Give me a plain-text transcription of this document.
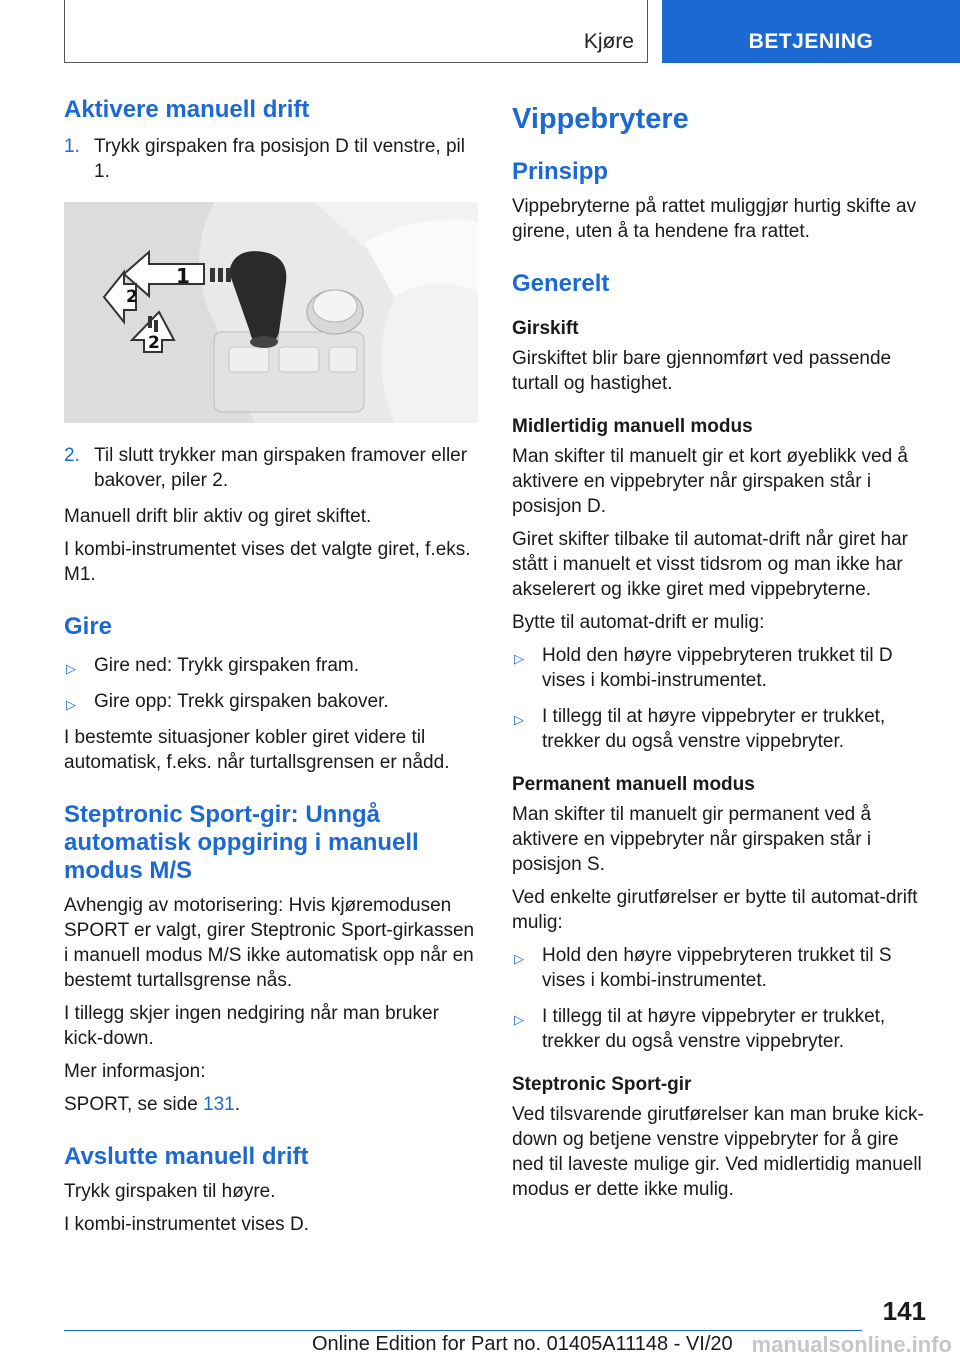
Kjøre	BETJENING
Aktivere manuell drift
1. Trykk girspaken fra posisjon D til venstre, pil 1.
1
2
2
2. Til slutt trykker man girspaken framover eller bakover, piler 2.

Manuell drift blir aktiv og giret skiftet.

I kombi-instrumentet vises det valgte giret, f.eks. M1.

Gire
▷ Gire ned: Trykk girspaken fram.
▷ Gire opp: Trekk girspaken bakover.

I bestemte situasjoner kobler giret videre til automatisk, f.eks. når turtallsgrensen er nådd.

Steptronic Sport-gir: Unngå automatisk oppgiring i manuell modus M/S

Avhengig av motorisering: Hvis kjøremodusen SPORT er valgt, girer Steptronic Sport-girkassen i manuell modus M/S ikke automatisk opp når en bestemt turtallsgrense nås.

I tillegg skjer ingen nedgiring når man bruker kick-down.

Mer informasjon:

SPORT, se side 131.

Avslutte manuell drift

Trykk girspaken til høyre.

I kombi-instrumentet vises D.

Vippebrytere
Prinsipp

Vippebryterne på rattet muliggjør hurtig skifte av girene, uten å ta hendene fra rattet.

Generelt
Girskift

Girskiftet blir bare gjennomført ved passende turtall og hastighet.

Midlertidig manuell modus

Man skifter til manuelt gir et kort øyeblikk ved å aktivere en vippebryter når girspaken står i posisjon D.

Giret skifter tilbake til automat-drift når giret har stått i manuelt et visst tidsrom og man ikke har akselerert og ikke giret med vippebryterne.

Bytte til automat-drift er mulig:

▷ Hold den høyre vippebryteren trukket til D vises i kombi-instrumentet.
▷ I tillegg til at høyre vippebryter er trukket, trekker du også venstre vippebryter.
Permanent manuell modus

Man skifter til manuelt gir permanent ved å aktivere en vippebryter når girspaken står i posisjon S.

Ved enkelte girutførelser er bytte til automat-drift mulig:

▷ Hold den høyre vippebryteren trukket til S vises i kombi-instrumentet.
▷ I tillegg til at høyre vippebryter er trukket, trekker du også venstre vippebryter.
Steptronic Sport-gir

Ved tilsvarende girutførelser kan man bruke kick-down og betjene venstre vippebryter for å gire ned til laveste mulige gir. Ved midlertidig manuell modus er dette ikke mulig.

141
Online Edition for Part no. 01405A11148 - VI/20 manualsonline.info
